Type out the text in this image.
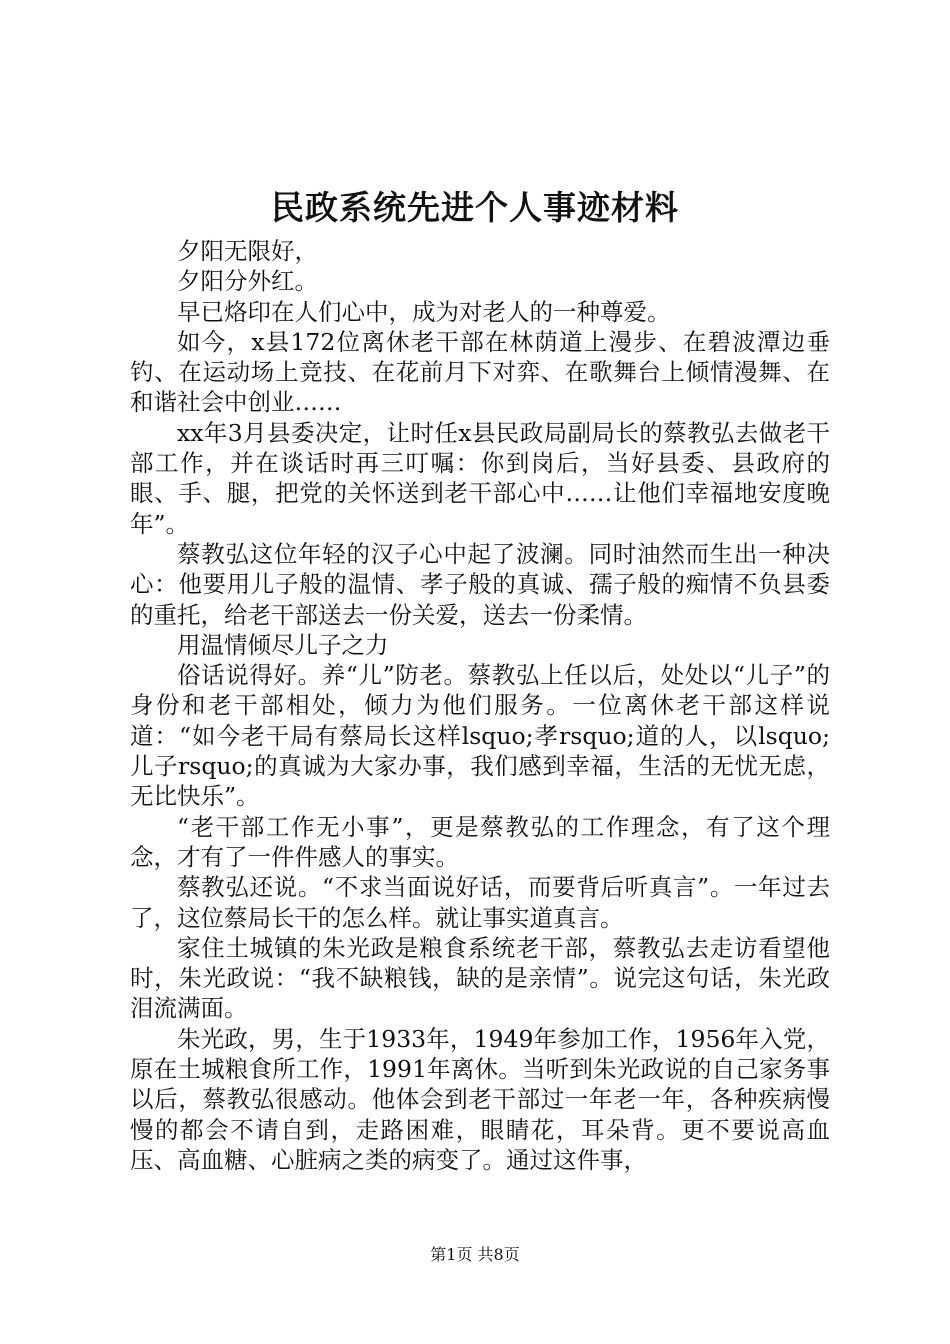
民政系统先进个人事迹材料

夕阳无限好，

夕阳分外红。

早已烙印在人们心中，成为对老人的一种尊爱。

如今，x县172位离休老干部在林荫道上漫步、在碧波潭边垂钓、在运动场上竞技、在花前月下对弈、在歌舞台上倾情漫舞、在和谐社会中创业……

xx年3月县委决定，让时任x县民政局副局长的蔡教弘去做老干部工作，并在谈话时再三叮嘱：你到岗后，当好县委、县政府的眼、手、腿，把党的关怀送到老干部心中……让他们幸福地安度晚年”。

蔡教弘这位年轻的汉子心中起了波澜。同时油然而生出一种决心：他要用儿子般的温情、孝子般的真诚、孺子般的痴情不负县委的重托，给老干部送去一份关爱，送去一份柔情。

用温情倾尽儿子之力

俗话说得好。养“儿”防老。蔡教弘上任以后，处处以“儿子”的身份和老干部相处，倾力为他们服务。一位离休老干部这样说道：“如今老干局有蔡局长这样lsquo;孝rsquo;道的人，以lsquo;儿子rsquo;的真诚为大家办事，我们感到幸福，生活的无忧无虑，无比快乐”。

“老干部工作无小事”，更是蔡教弘的工作理念，有了这个理念，才有了一件件感人的事实。

蔡教弘还说。“不求当面说好话，而要背后听真言”。一年过去了，这位蔡局长干的怎么样。就让事实道真言。

家住土城镇的朱光政是粮食系统老干部，蔡教弘去走访看望他时，朱光政说：“我不缺粮钱，缺的是亲情”。说完这句话，朱光政泪流满面。

朱光政，男，生于1933年，1949年参加工作，1956年入党，原在土城粮食所工作，1991年离休。当听到朱光政说的自己家务事以后，蔡教弘很感动。他体会到老干部过一年老一年，各种疾病慢慢的都会不请自到，走路困难，眼睛花，耳朵背。更不要说高血压、高血糖、心脏病之类的病变了。通过这件事，

第1页 共8页
